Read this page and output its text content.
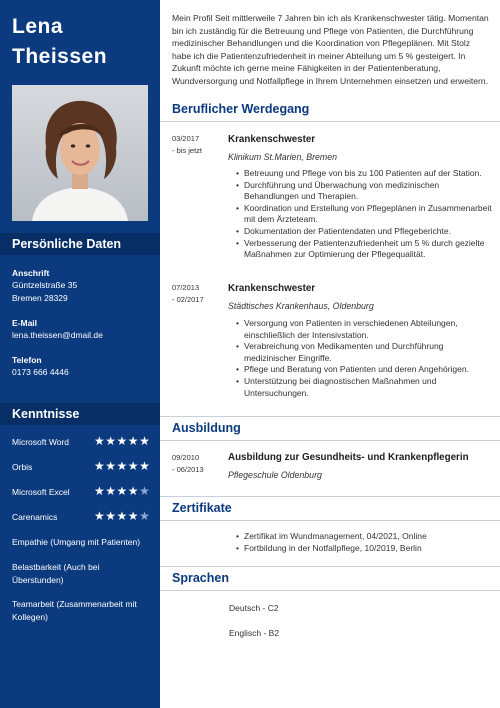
Lena
Theissen
Persönliche Daten
Anschrift
Güntzelstraße 35
Bremen 28329
E-Mail
lena.theissen@dmail.de
Telefon
0173 666 4446
Kenntnisse
Microsoft Word	★★★★★
Orbis	★★★★★
Microsoft Excel	★★★★★
Carenamics	★★★★★
Empathie (Umgang mit Patienten)
Belastbarkeit (Auch bei Überstunden)
Teamarbeit (Zusammenarbeit mit Kollegen)
Mein Profil Seit mittlerweile 7 Jahren bin ich als Krankenschwester tätig. Momentan bin ich zuständig für die Betreuung und Pflege von Patienten, die Durchführung medizinischer Behandlungen und die Koordination von Pflegeplänen. Mit Stolz habe ich die Patientenzufriedenheit in meiner Abteilung um 5 % gesteigert. In Zukunft möchte ich gerne meine Fähigkeiten in der Patientenberatung, Wundversorgung und Notfallpflege in Ihrem Unternehmen einsetzen und erweitern.
Beruflicher Werdegang
03/2017
- bis jetzt
Krankenschwester
Klinikum St.Marien, Bremen
• Betreuung und Pflege von bis zu 100 Patienten auf der Station.
• Durchführung und Überwachung von medizinischen Behandlungen und Therapien.
• Koordination und Erstellung von Pflegeplänen in Zusammenarbeit mit dem Ärzteteam.
• Dokumentation der Patientendaten und Pflegeberichte.
• Verbesserung der Patientenzufriedenheit um 5 % durch gezielte Maßnahmen zur Optimierung der Pflegequalität.
07/2013
- 02/2017
Krankenschwester
Städtisches Krankenhaus, Oldenburg
• Versorgung von Patienten in verschiedenen Abteilungen, einschließlich der Intensivstation.
• Verabreichung von Medikamenten und Durchführung medizinischer Eingriffe.
• Pflege und Beratung von Patienten und deren Angehörigen.
• Unterstützung bei diagnostischen Maßnahmen und Untersuchungen.
Ausbildung
09/2010
- 06/2013
Ausbildung zur Gesundheits- und Krankenpflegerin
Pflegeschule Oldenburg
Zertifikate
• Zertifikat im Wundmanagement, 04/2021, Online
• Fortbildung in der Notfallpflege, 10/2019, Berlin
Sprachen
Deutsch - C2
Englisch - B2
